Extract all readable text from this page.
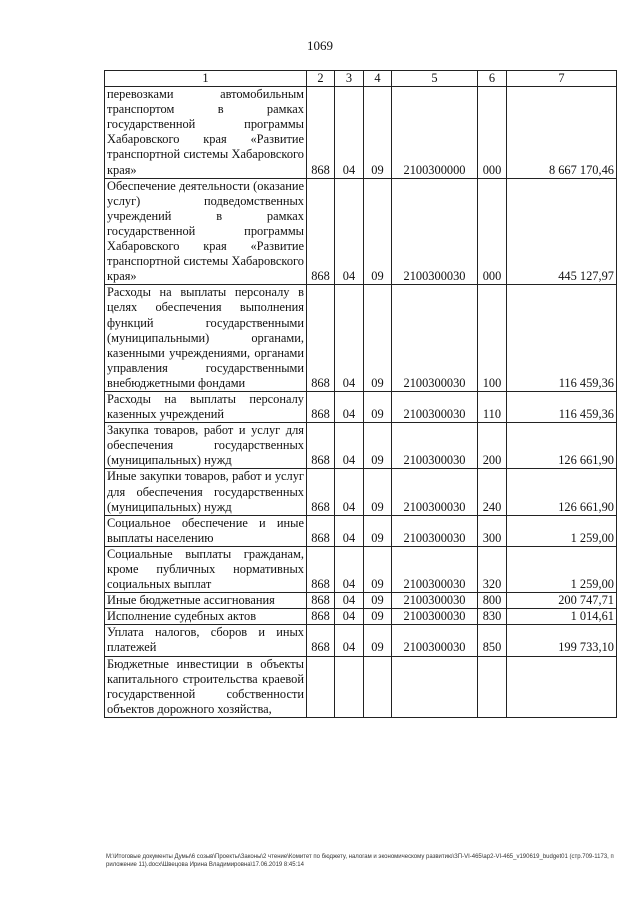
1069
1	2	3	4	5	6	7
перевозками автомобильным транспортом в рамках государственной программы Хабаровского края «Развитие транспортной системы Хабаровского края»	868	04	09	2100300000	000	8 667 170,46
Обеспечение деятельности (оказание услуг) подведомственных учреждений в рамках государственной программы Хабаровского края «Развитие транспортной системы Хабаровского края»	868	04	09	2100300030	000	445 127,97
Расходы на выплаты персоналу в целях обеспечения выполнения функций государственными (муниципальными) органами, казенными учреждениями, органами управления государственными внебюджетными фондами	868	04	09	2100300030	100	116 459,36
Расходы на выплаты персоналу казенных учреждений	868	04	09	2100300030	110	116 459,36
Закупка товаров, работ и услуг для обеспечения государственных (муниципальных) нужд	868	04	09	2100300030	200	126 661,90
Иные закупки товаров, работ и услуг для обеспечения государственных (муниципальных) нужд	868	04	09	2100300030	240	126 661,90
Социальное обеспечение и иные выплаты населению	868	04	09	2100300030	300	1 259,00
Социальные выплаты гражданам, кроме публичных нормативных социальных выплат	868	04	09	2100300030	320	1 259,00
Иные бюджетные ассигнования	868	04	09	2100300030	800	200 747,71
Исполнение судебных актов	868	04	09	2100300030	830	1 014,61
Уплата налогов, сборов и иных платежей	868	04	09	2100300030	850	199 733,10
Бюджетные инвестиции в объекты капитального строительства краевой государственной собственности объектов дорожного хозяйства,						
M:\Итоговые документы Думы\6 созыв\Проекты\Законы\2 чтение\Комитет по бюджету, налогам и экономическому развитию\ЗП-VI-465\ар2-VI-465_v190619_budget01 (стр.709-1173, приложение 11).docx\Швецова Ирина Владимировна\17.06.2019 8:45:14
